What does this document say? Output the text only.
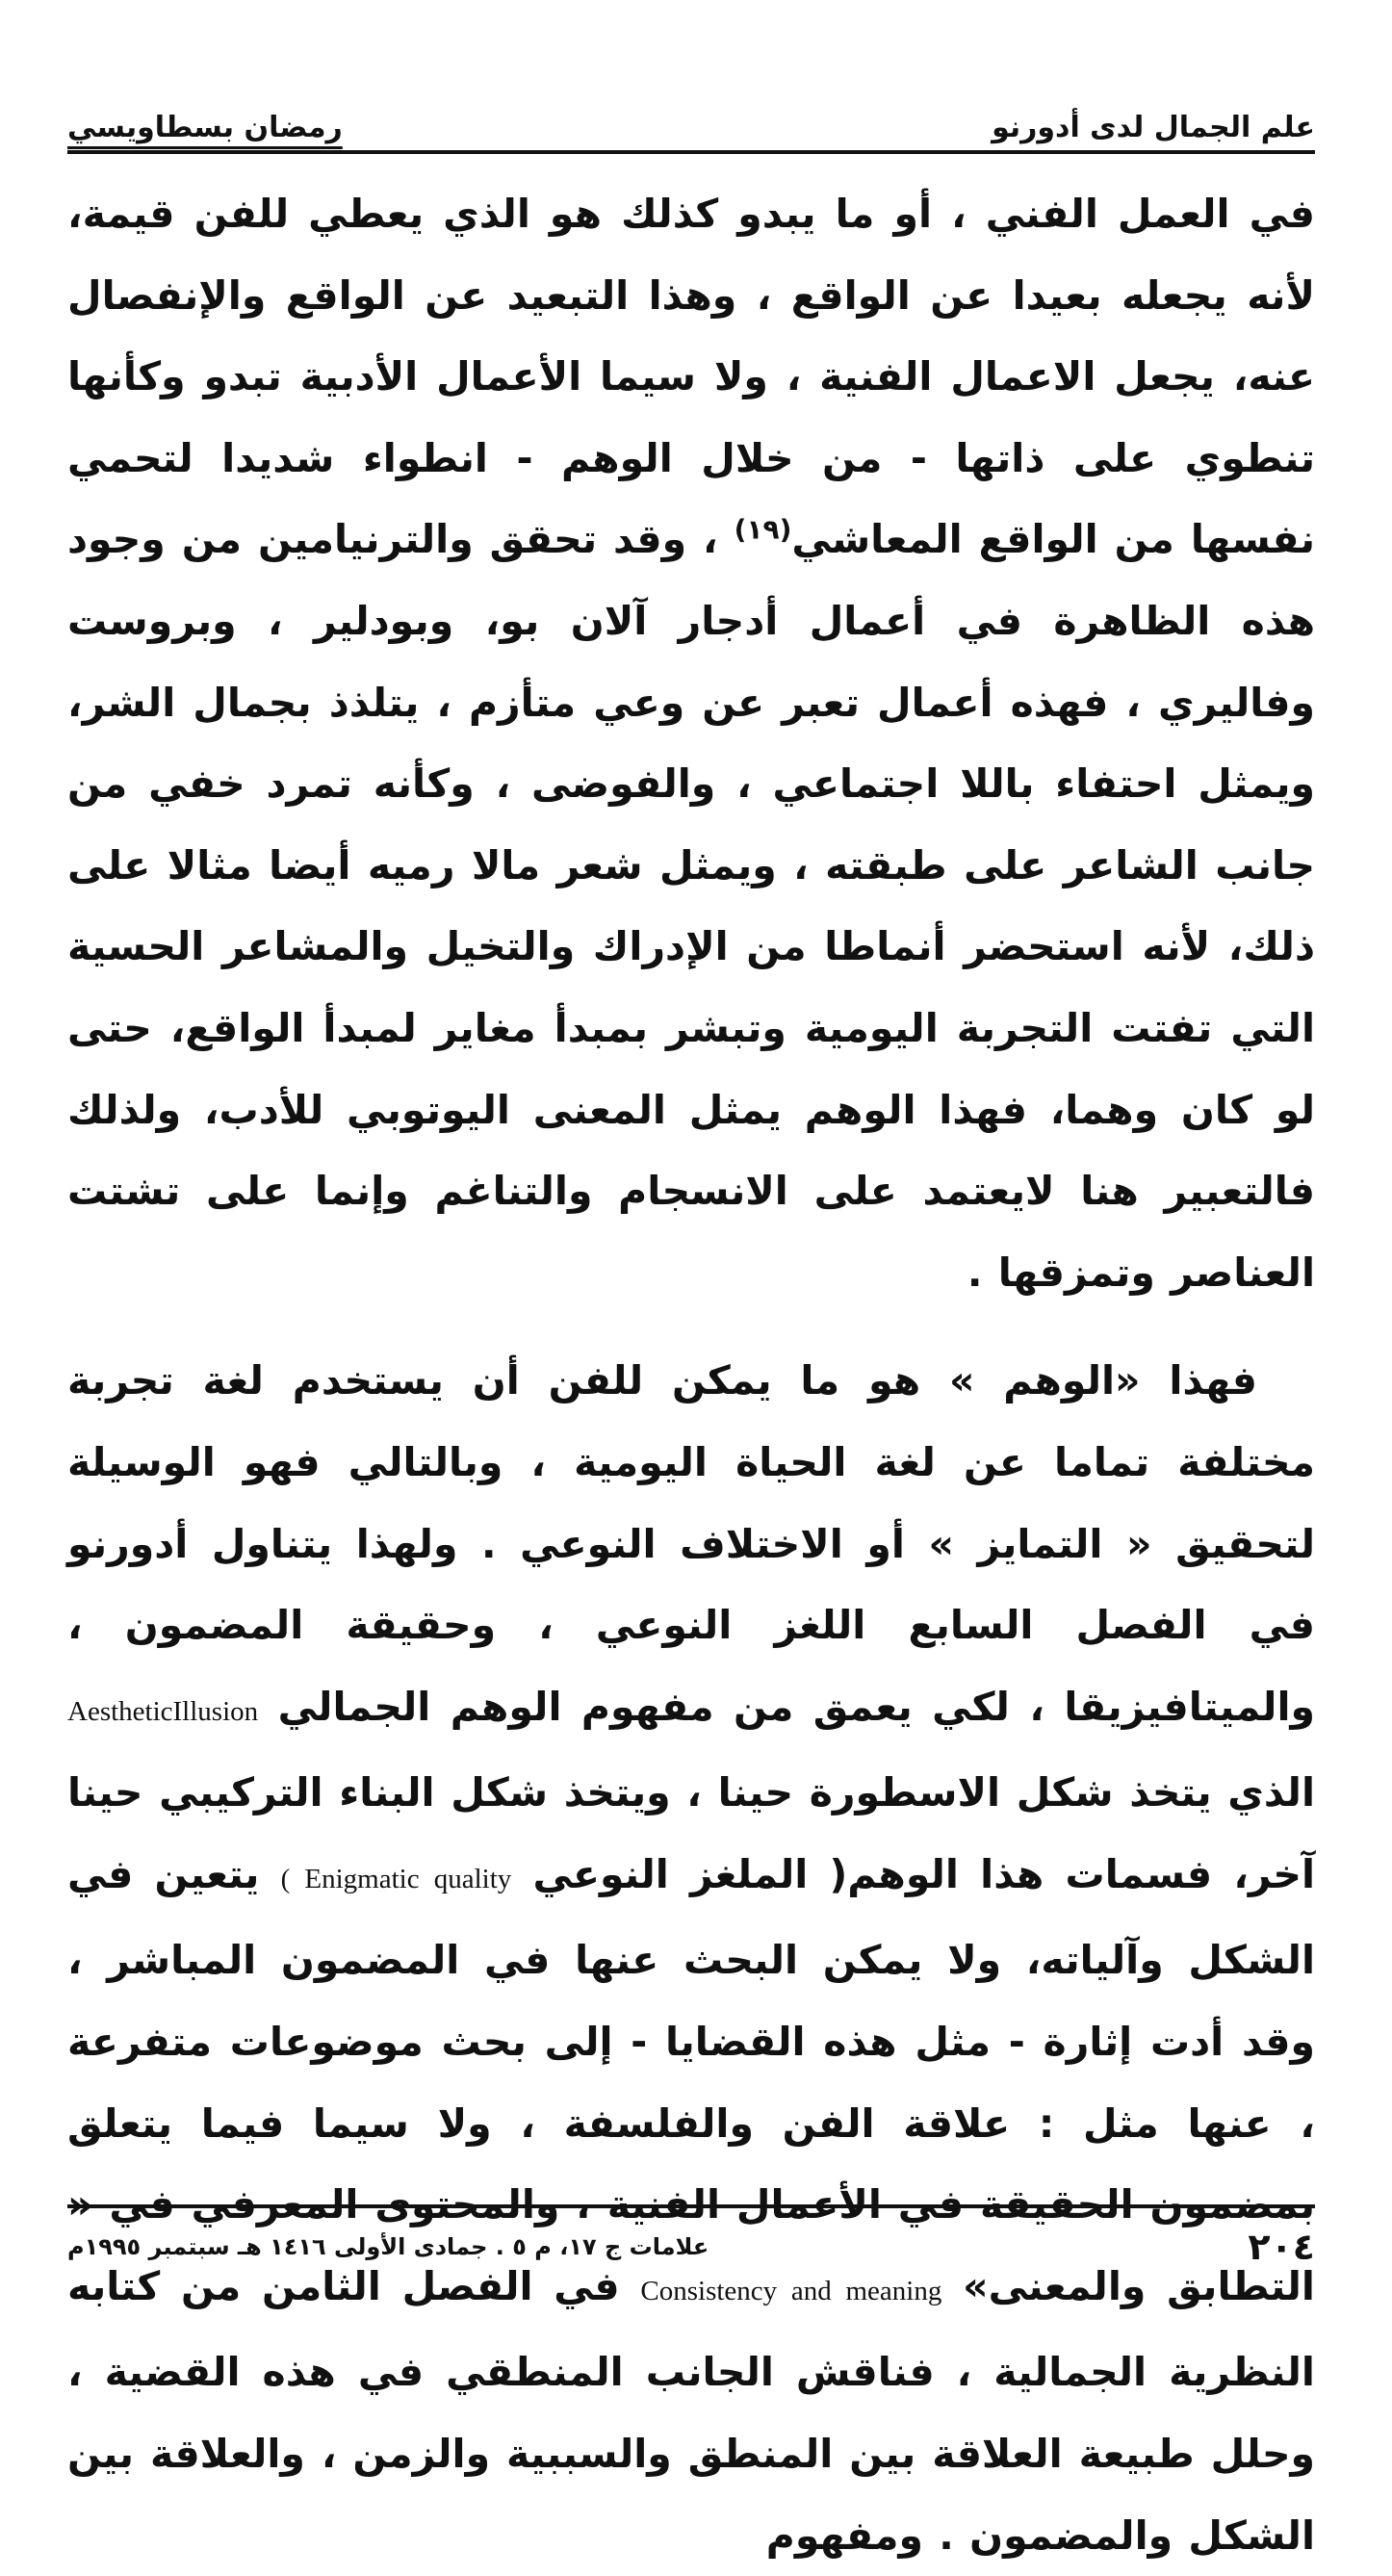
علم الجمال لدى أدورنو
رمضان بسطاويسي

في العمل الفني ، أو ما يبدو كذلك هو الذي يعطي للفن قيمة، لأنه يجعله بعيدا عن الواقع ، وهذا التبعيد عن الواقع والإنفصال عنه، يجعل الاعمال الفنية ، ولا سيما الأعمال الأدبية تبدو وكأنها تنطوي على ذاتها - من خلال الوهم - انطواء شديدا لتحمي نفسها من الواقع المعاشي$^{(١٩)}$ ، وقد تحقق والترنيامين من وجود هذه الظاهرة في أعمال أدجار آلان بو، وبودلير ، وبروست وفاليري ، فهذه أعمال تعبر عن وعي متأزم ، يتلذذ بجمال الشر، ويمثل احتفاء باللا اجتماعي ، والفوضى ، وكأنه تمرد خفي من جانب الشاعر على طبقته ، ويمثل شعر مالا رميه أيضا مثالا على ذلك، لأنه استحضر أنماطا من الإدراك والتخيل والمشاعر الحسية التي تفتت التجربة اليومية وتبشر بمبدأ مغاير لمبدأ الواقع، حتى لو كان وهما، فهذا الوهم يمثل المعنى اليوتوبي للأدب، ولذلك فالتعبير هنا لايعتمد على الانسجام والتناغم وإنما على تشتت العناصر وتمزقها .

فهذا «الوهم » هو ما يمكن للفن أن يستخدم لغة تجربة مختلفة تماما عن لغة الحياة اليومية ، وبالتالي فهو الوسيلة لتحقيق « التمايز » أو الاختلاف النوعي . ولهذا يتناول أدورنو في الفصل السابع اللغز النوعي ، وحقيقة المضمون ، والميتافيزيقا ، لكي يعمق من مفهوم الوهم الجمالي AestheticIllusion الذي يتخذ شكل الاسطورة حينا ، ويتخذ شكل البناء التركيبي حينا آخر، فسمات هذا الوهم( الملغز النوعي ( Enigmatic quality يتعين في الشكل وآلياته، ولا يمكن البحث عنها في المضمون المباشر ، وقد أدت إثارة - مثل هذه القضايا - إلى بحث موضوعات متفرعة ، عنها مثل : علاقة الفن والفلسفة ، ولا سيما فيما يتعلق بمضمون الحقيقة في الأعمال الفنية ، والمحتوى المعرفي في « التطابق والمعنى» Consistency and meaning في الفصل الثامن من كتابه النظرية الجمالية ، فناقش الجانب المنطقي في هذه القضية ، وحلل طبيعة العلاقة بين المنطق والسببية والزمن ، والعلاقة بين الشكل والمضمون . ومفهوم

٢٠٤
علامات ج ١٧، م ٥ . جمادى الأولى ١٤١٦ هـ سبتمبر ١٩٩٥م
